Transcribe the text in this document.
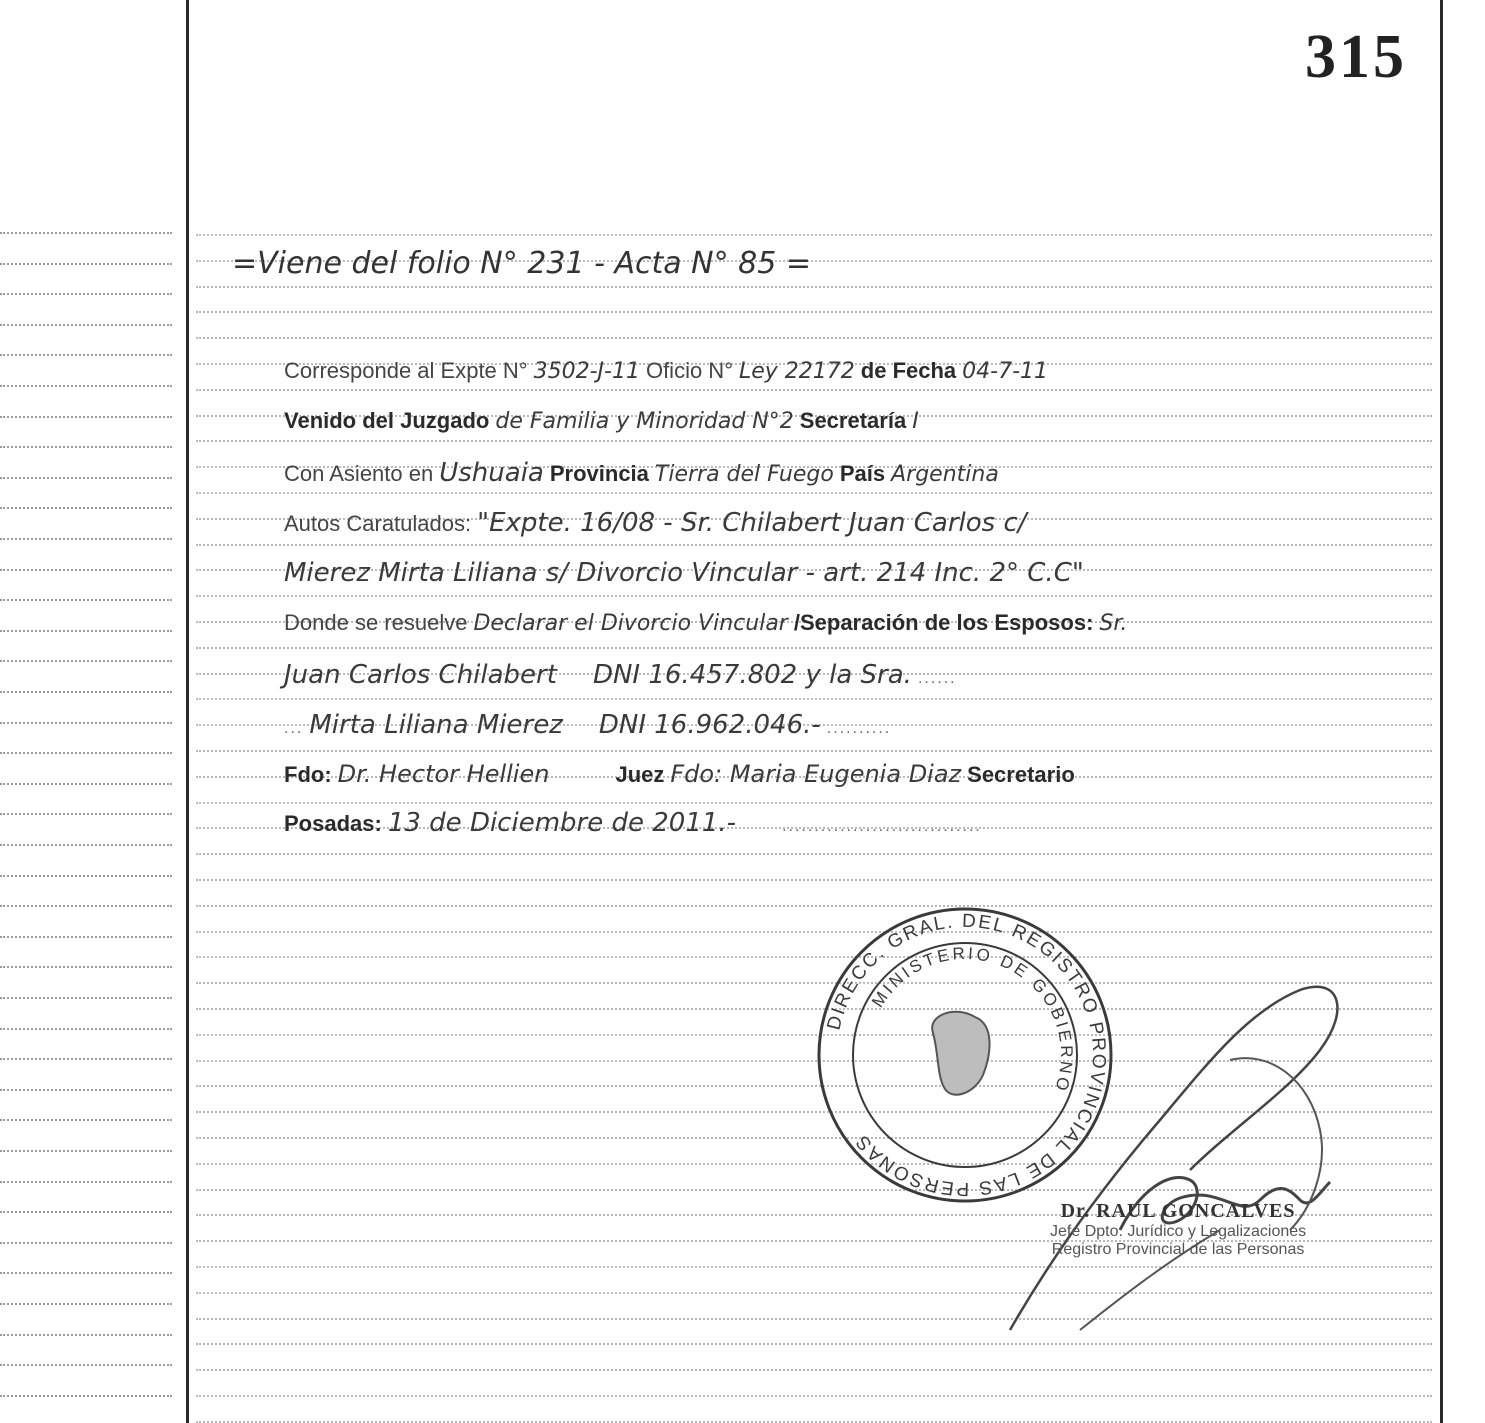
315
=Viene del folio N° 231 - Acta N° 85 =
Corresponde al Expte N° 3502-J-11 Oficio N° Ley 22172 de Fecha 04-7-11
Venido del Juzgado de Familia y Minoridad N°2 Secretaría I
Con Asiento en Ushuaia Provincia Tierra del Fuego País Argentina
Autos Caratulados: "Expte. 16/08 - Sr. Chilabert Juan Carlos c/
Mierez Mirta Liliana s/ Divorcio Vincular - art. 214 Inc. 2° C.C"
Donde se resuelve Declarar el Divorcio Vincular /Separación de los Esposos: Sr.
Juan Carlos Chilabert DNI 16.457.802 y la Sra. ......
... Mirta Liliana Mierez DNI 16.962.046.- ..........
Fdo: Dr. Hector Hellien	Juez Fdo: Maria Eugenia Diaz Secretario
Posadas: 13 de Diciembre de 2011.-	...............................
DIRECC. GRAL. DEL REGISTRO PROVINCIAL DE LAS PERSONAS
MINISTERIO DE GOBIERNO
Dr. RAUL GONCALVES
Jefe Dpto. Jurídico y Legalizaciones
Registro Provincial de las Personas
